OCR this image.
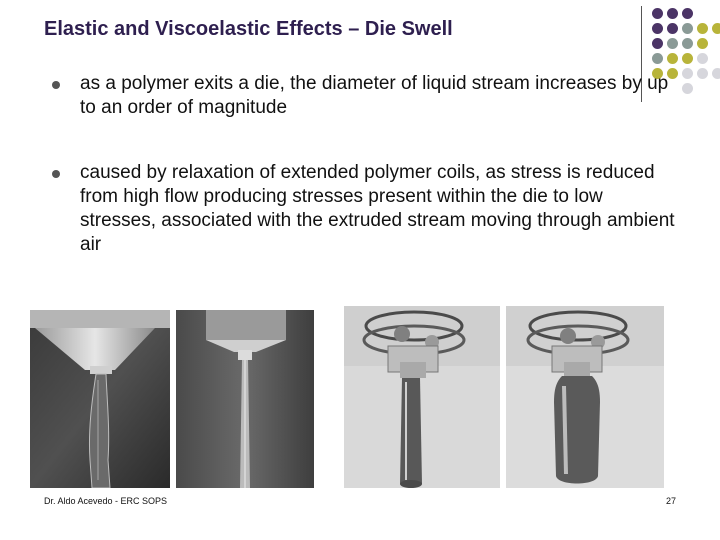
Elastic and Viscoelastic Effects – Die Swell
as a polymer exits a die, the diameter of liquid stream increases by up to an order of magnitude
caused by relaxation of extended polymer coils, as stress is reduced from high flow producing stresses present within the die to low stresses, associated with the extruded stream moving through ambient air
Dr. Aldo Acevedo - ERC SOPS	27
